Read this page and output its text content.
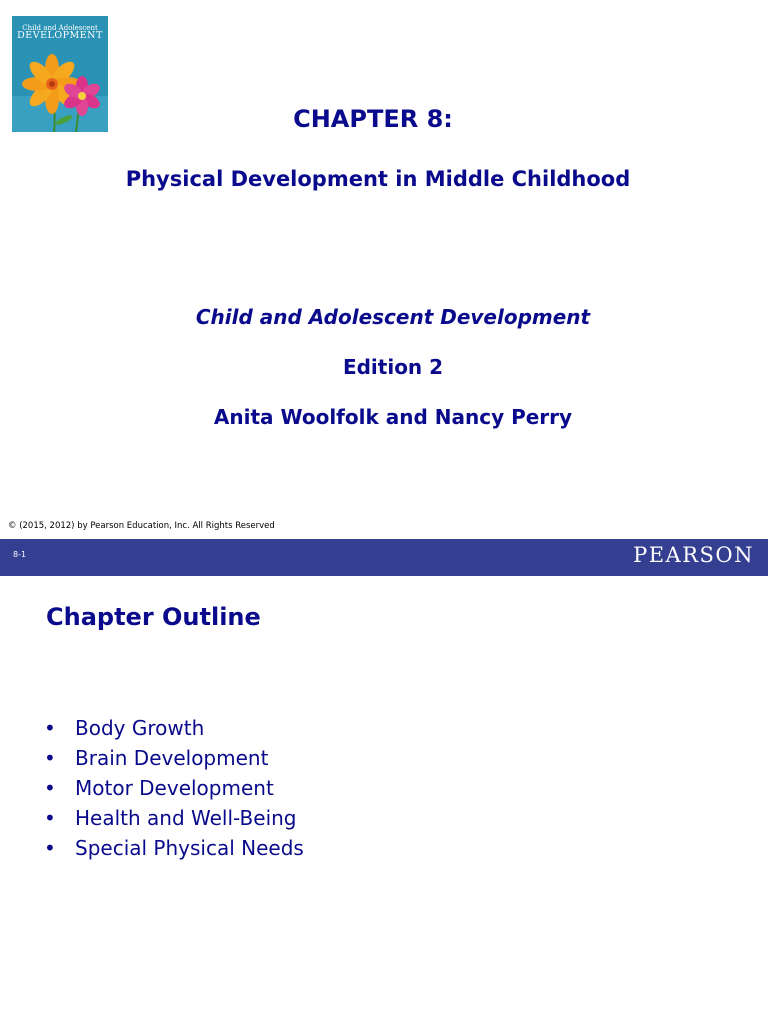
Child and Adolescent
DEVELOPMENT
CHAPTER 8:
Physical Development in Middle Childhood
Child and Adolescent Development
Edition 2
Anita Woolfolk and Nancy Perry
© (2015, 2012) by Pearson Education, Inc. All Rights Reserved
8-1	PEARSON
Chapter Outline
• Body Growth
• Brain Development
• Motor Development
• Health and Well-Being
• Special Physical Needs
